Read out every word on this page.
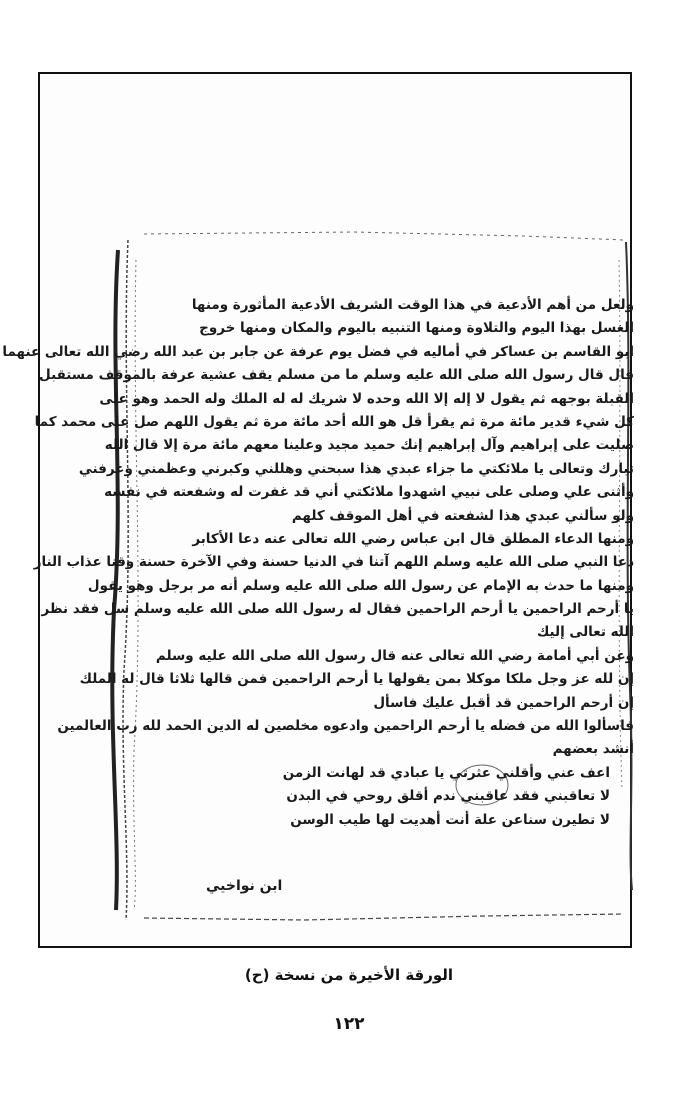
ولعل من أهم الأدعية في هذا الوقت الشريف الأدعية المأثورة ومنها
الغسل بهذا اليوم والتلاوة ومنها التنبيه باليوم والمكان ومنها خروج
ابو القاسم بن عساكر في أماليه في فضل يوم عرفة عن جابر بن عبد الله رضي الله تعالى عنهما
قال قال رسول الله صلى الله عليه وسلم ما من مسلم يقف عشية عرفة بالموقف مستقبل
القبلة بوجهه ثم يقول لا إله إلا الله وحده لا شريك له له الملك وله الحمد وهو على
كل شيء قدير مائة مرة ثم يقرأ قل هو الله أحد مائة مرة ثم يقول اللهم صل على محمد كما
صليت على إبراهيم وآل إبراهيم إنك حميد مجيد وعلينا معهم مائة مرة إلا قال الله
تبارك وتعالى يا ملائكتي ما جزاء عبدي هذا سبحني وهللني وكبرني وعظمني وعرفني
وأثنى علي وصلى على نبيي اشهدوا ملائكتي أني قد غفرت له وشفعته في نفسه
ولو سألني عبدي هذا لشفعته في أهل الموقف كلهم
ومنها الدعاء المطلق قال ابن عباس رضي الله تعالى عنه دعا الأكابر
دعا النبي صلى الله عليه وسلم اللهم آتنا في الدنيا حسنة وفي الآخرة حسنة وقنا عذاب النار
ومنها ما حدث به الإمام عن رسول الله صلى الله عليه وسلم أنه مر برجل وهو يقول
يا أرحم الراحمين يا أرحم الراحمين فقال له رسول الله صلى الله عليه وسلم سل فقد نظر
الله تعالى إليك
وعن أبي أمامة رضي الله تعالى عنه قال رسول الله صلى الله عليه وسلم
إن لله عز وجل ملكا موكلا بمن يقولها يا أرحم الراحمين فمن قالها ثلاثا قال له الملك
إن أرحم الراحمين قد أقبل عليك فاسأل
فاسألوا الله من فضله يا أرحم الراحمين وادعوه مخلصين له الدين الحمد لله رب العالمين
أنشد بعضهم
اعف عني وأقلني عثرتي يا عبادي قد لهانت الزمن
لا تعاقبني فقد عاقبني ندم أقلق روحي في البدن
لا تطيرن سناعن علة أنت أهديت لها طيب الوسن
ابن نواخيي
الورقة الأخيرة من نسخة (ح)
١٢٢
